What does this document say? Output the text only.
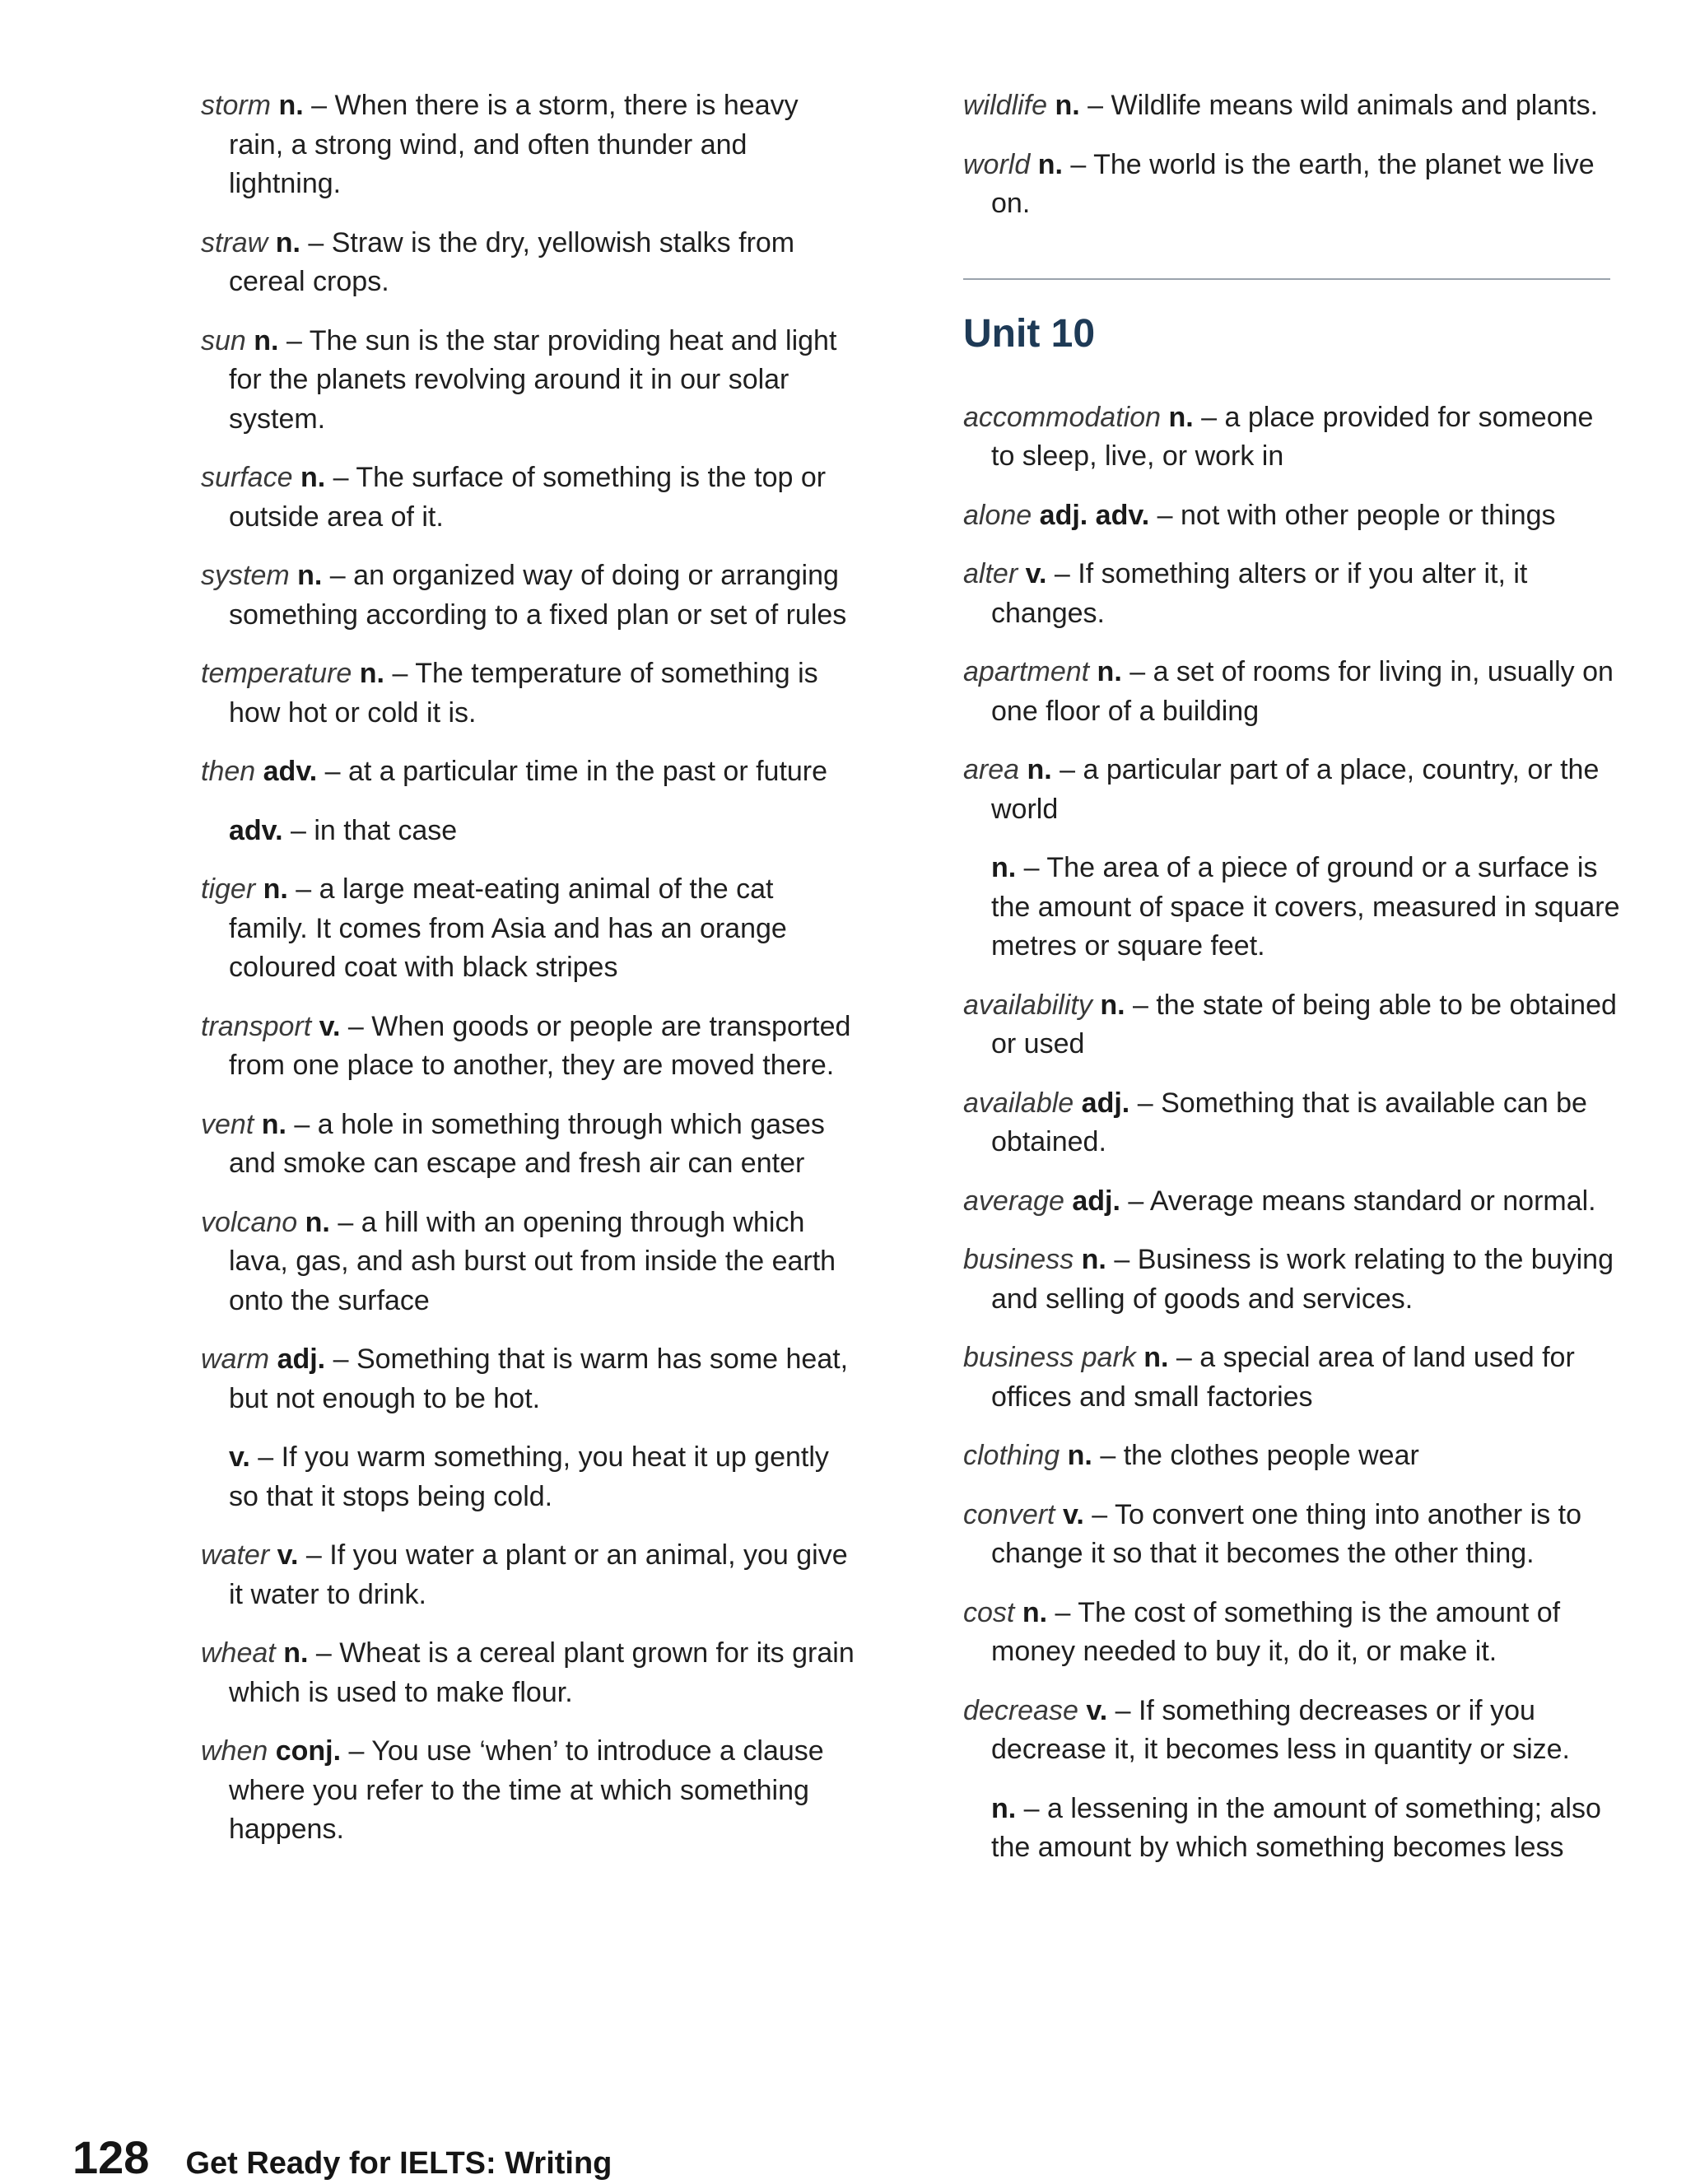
storm n. – When there is a storm, there is heavy rain, a strong wind, and often thunder and lightning.

straw n. – Straw is the dry, yellowish stalks from cereal crops.

sun n. – The sun is the star providing heat and light for the planets revolving around it in our solar system.

surface n. – The surface of something is the top or outside area of it.

system n. – an organized way of doing or arranging something according to a fixed plan or set of rules

temperature n. – The temperature of something is how hot or cold it is.

then adv. – at a particular time in the past or future

adv. – in that case

tiger n. – a large meat-eating animal of the cat family. It comes from Asia and has an orange coloured coat with black stripes

transport v. – When goods or people are transported from one place to another, they are moved there.

vent n. – a hole in something through which gases and smoke can escape and fresh air can enter

volcano n. – a hill with an opening through which lava, gas, and ash burst out from inside the earth onto the surface

warm adj. – Something that is warm has some heat, but not enough to be hot.

v. – If you warm something, you heat it up gently so that it stops being cold.

water v. – If you water a plant or an animal, you give it water to drink.

wheat n. – Wheat is a cereal plant grown for its grain which is used to make flour.

when conj. – You use ‘when’ to introduce a clause where you refer to the time at which something happens.

wildlife n. – Wildlife means wild animals and plants.

world n. – The world is the earth, the planet we live on.

Unit 10

accommodation n. – a place provided for someone to sleep, live, or work in

alone adj. adv. – not with other people or things

alter v. – If something alters or if you alter it, it changes.

apartment n. – a set of rooms for living in, usually on one floor of a building

area n. – a particular part of a place, country, or the world

n. – The area of a piece of ground or a surface is the amount of space it covers, measured in square metres or square feet.

availability n. – the state of being able to be obtained or used

available adj. – Something that is available can be obtained.

average adj. – Average means standard or normal.

business n. – Business is work relating to the buying and selling of goods and services.

business park n. – a special area of land used for offices and small factories

clothing n. – the clothes people wear

convert v. – To convert one thing into another is to change it so that it becomes the other thing.

cost n. – The cost of something is the amount of money needed to buy it, do it, or make it.

decrease v. – If something decreases or if you decrease it, it becomes less in quantity or size.

n. – a lessening in the amount of something; also the amount by which something becomes less

128 Get Ready for IELTS: Writing
